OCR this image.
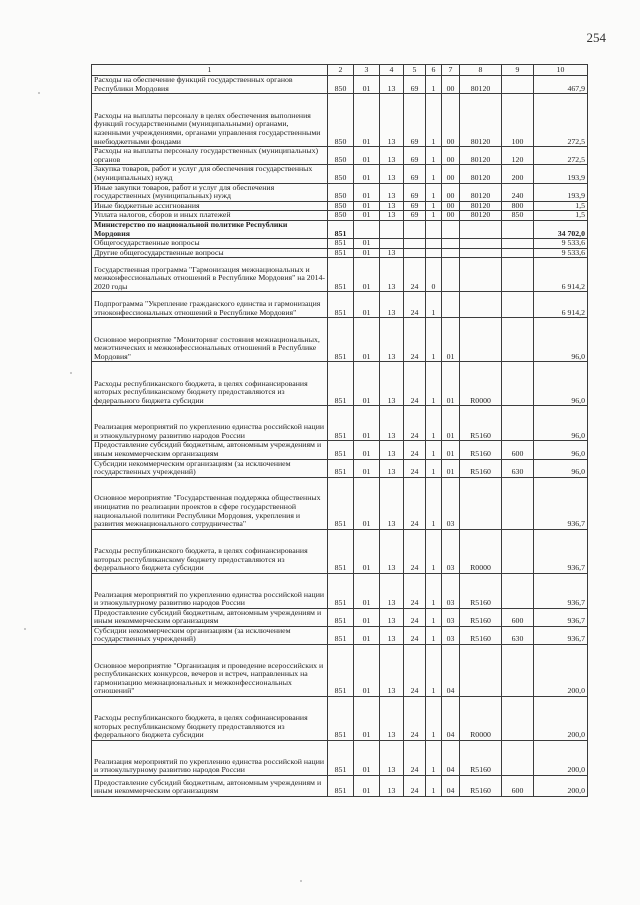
254
1	2	3	4	5	6	7	8	9	10
Расходы на обеспечение функций государственных органов Республики Мордовия	850	01	13	69	1	00	80120		467,9
Расходы на выплаты персоналу в целях обеспечения выполнения функций государственными (муниципальными) органами, казенными учреждениями, органами управления государственными внебюджетными фондами	850	01	13	69	1	00	80120	100	272,5
Расходы на выплаты персоналу государственных (муниципальных) органов	850	01	13	69	1	00	80120	120	272,5
Закупка товаров, работ и услуг для обеспечения государственных (муниципальных) нужд	850	01	13	69	1	00	80120	200	193,9
Иные закупки товаров, работ и услуг для обеспечения государственных (муниципальных) нужд	850	01	13	69	1	00	80120	240	193,9
Иные бюджетные ассигнования	850	01	13	69	1	00	80120	800	1,5
Уплата налогов, сборов и иных платежей	850	01	13	69	1	00	80120	850	1,5
Министерство по национальной политике Республики Мордовия	851								34 702,0
Общегосударственные вопросы	851	01							9 533,6
Другие общегосударственные вопросы	851	01	13						9 533,6
Государственная программа "Гармонизация межнациональных и межконфессиональных отношений в Республике Мордовия" на 2014-2020 годы	851	01	13	24	0				6 914,2
Подпрограмма "Укрепление гражданского единства и гармонизация этноконфессиональных отношений в Республике Мордовия"	851	01	13	24	1				6 914,2
Основное мероприятие "Мониторинг состояния межнациональных, межэтнических и межконфессиональных отношений в Республике Мордовия"	851	01	13	24	1	01			96,0
Расходы республиканского бюджета, в целях софинансирования которых республиканскому бюджету предоставляются из федерального бюджета субсидии	851	01	13	24	1	01	R0000		96,0
Реализация мероприятий по укреплению единства российской нации и этнокультурному развитию народов России	851	01	13	24	1	01	R5160		96,0
Предоставление субсидий бюджетным, автономным учреждениям и иным некоммерческим организациям	851	01	13	24	1	01	R5160	600	96,0
Субсидии некоммерческим организациям (за исключением государственных учреждений)	851	01	13	24	1	01	R5160	630	96,0
Основное мероприятие "Государственная поддержка общественных инициатив по реализации проектов в сфере государственной национальной политики Республики Мордовия, укрепления и развития межнационального сотрудничества"	851	01	13	24	1	03			936,7
Расходы республиканского бюджета, в целях софинансирования которых республиканскому бюджету предоставляются из федерального бюджета субсидии	851	01	13	24	1	03	R0000		936,7
Реализация мероприятий по укреплению единства российской нации и этнокультурному развитию народов России	851	01	13	24	1	03	R5160		936,7
Предоставление субсидий бюджетным, автономным учреждениям и иным некоммерческим организациям	851	01	13	24	1	03	R5160	600	936,7
Субсидии некоммерческим организациям (за исключением государственных учреждений)	851	01	13	24	1	03	R5160	630	936,7
Основное мероприятие "Организация и проведение всероссийских и республиканских конкурсов, вечеров и встреч, направленных на гармонизацию межнациональных и межконфессиональных отношений"	851	01	13	24	1	04			200,0
Расходы республиканского бюджета, в целях софинансирования которых республиканскому бюджету предоставляются из федерального бюджета субсидии	851	01	13	24	1	04	R0000		200,0
Реализация мероприятий по укреплению единства российской нации и этнокультурному развитию народов России	851	01	13	24	1	04	R5160		200,0
Предоставление субсидий бюджетным, автономным учреждениям и иным некоммерческим организациям	851	01	13	24	1	04	R5160	600	200,0
